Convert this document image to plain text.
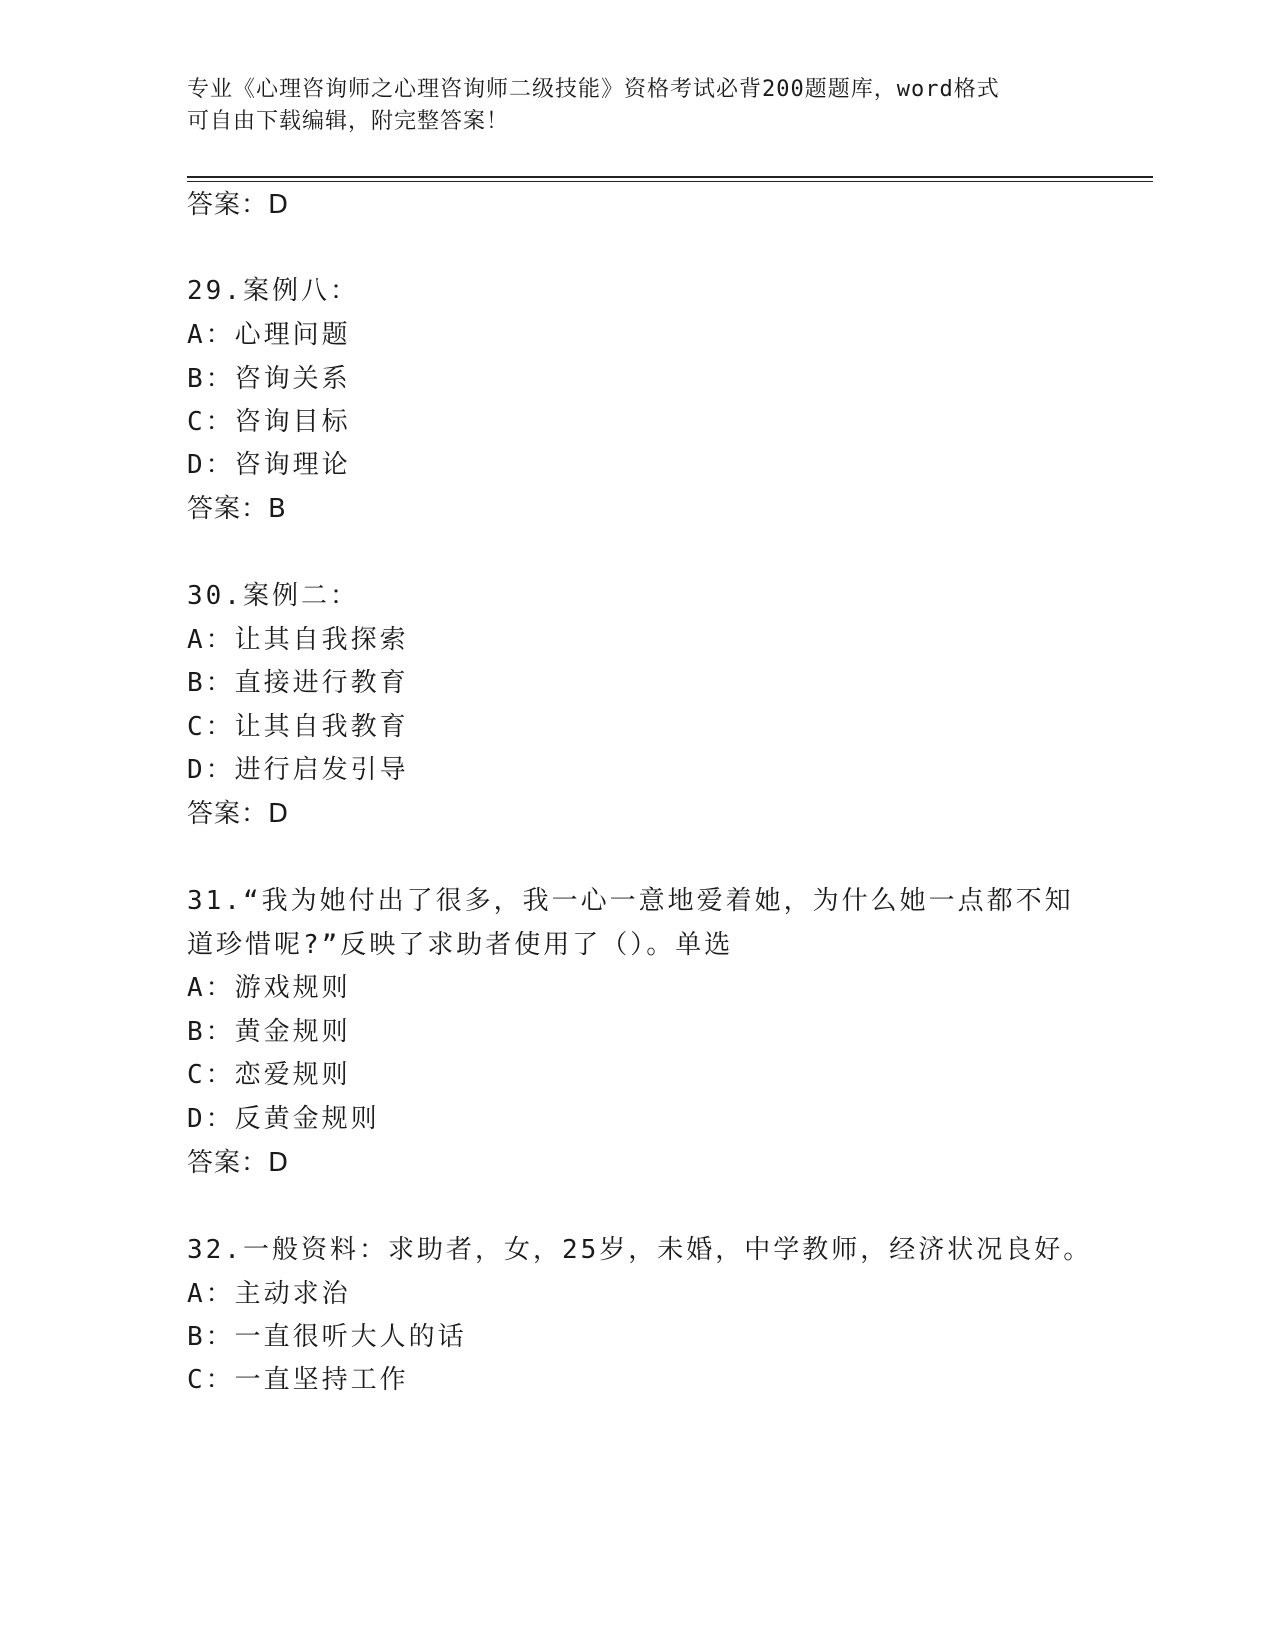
专业《心理咨询师之心理咨询师二级技能》资格考试必背200题题库，word格式
可自由下载编辑，附完整答案！
答案：D
29.案例八：
A：心理问题
B：咨询关系
C：咨询目标
D：咨询理论
答案：B
30.案例二：
A：让其自我探索
B：直接进行教育
C：让其自我教育
D：进行启发引导
答案：D
31.“我为她付出了很多，我一心一意地爱着她，为什么她一点都不知
道珍惜呢?”反映了求助者使用了（）。单选
A：游戏规则
B：黄金规则
C：恋爱规则
D：反黄金规则
答案：D
32.一般资料：求助者，女，25岁，未婚，中学教师，经济状况良好。
A：主动求治
B：一直很听大人的话
C：一直坚持工作
